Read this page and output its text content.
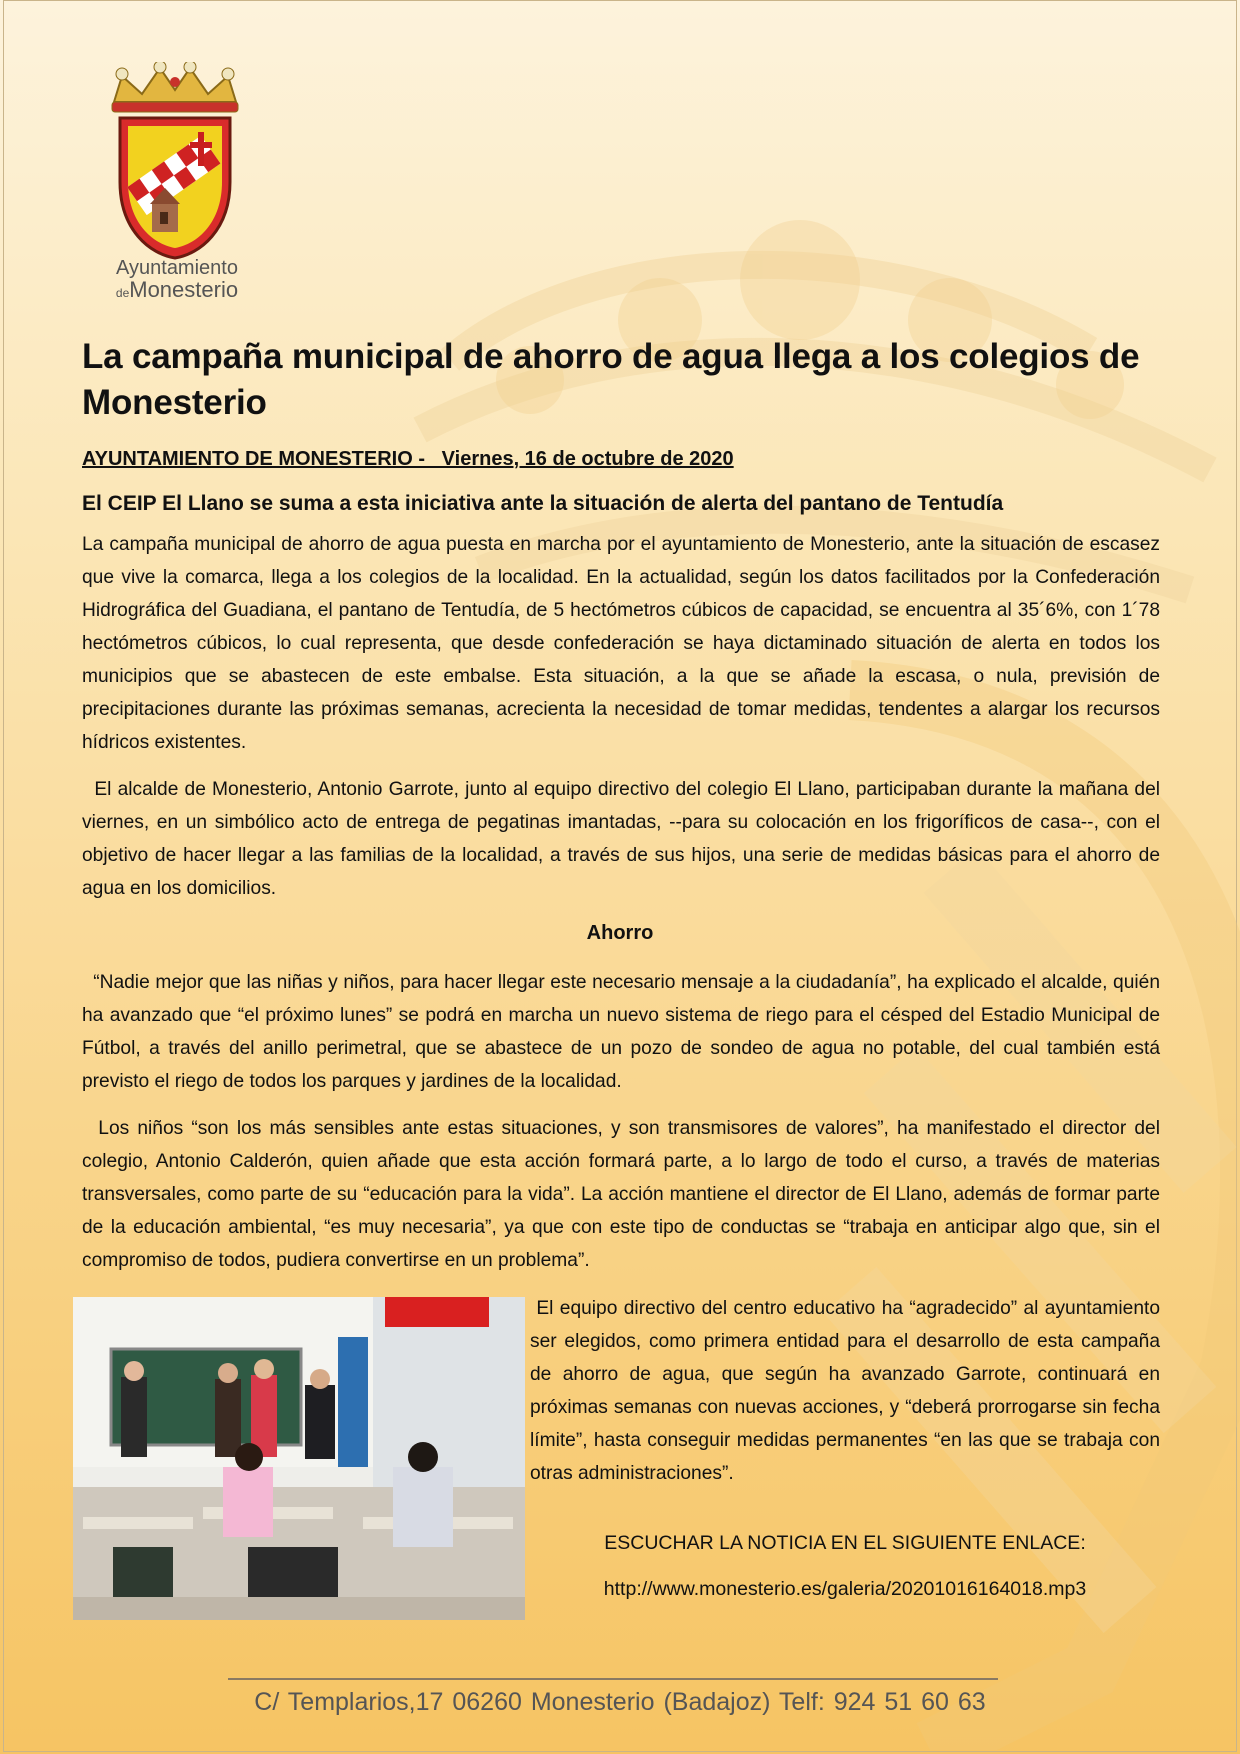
Ayuntamiento
deMonesterio
La campaña municipal de ahorro de agua llega a los colegios de Monesterio

AYUNTAMIENTO DE MONESTERIO -   Viernes, 16 de octubre de 2020

El CEIP El Llano se suma a esta iniciativa ante la situación de alerta del pantano de Tentudía

La campaña municipal de ahorro de agua puesta en marcha por el ayuntamiento de Monesterio, ante la situación de escasez que vive la comarca, llega a los colegios de la localidad. En la actualidad, según los datos facilitados por la Confederación Hidrográfica del Guadiana, el pantano de Tentudía, de 5 hectómetros cúbicos de capacidad, se encuentra al 35´6%, con 1´78 hectómetros cúbicos, lo cual representa, que desde confederación se haya dictaminado situación de alerta en todos los municipios que se abastecen de este embalse. Esta situación, a la que se añade la escasa, o nula, previsión de precipitaciones durante las próximas semanas, acrecienta la necesidad de tomar medidas, tendentes a alargar los recursos hídricos existentes.

El alcalde de Monesterio, Antonio Garrote, junto al equipo directivo del colegio El Llano, participaban durante la mañana del viernes, en un simbólico acto de entrega de pegatinas imantadas, --para su colocación en los frigoríficos de casa--, con el objetivo de hacer llegar a las familias de la localidad, a través de sus hijos, una serie de medidas básicas para el ahorro de agua en los domicilios.

Ahorro

“Nadie mejor que las niñas y niños, para hacer llegar este necesario mensaje a la ciudadanía”, ha explicado el alcalde, quién ha avanzado que “el próximo lunes” se podrá en marcha un nuevo sistema de riego para el césped del Estadio Municipal de Fútbol, a través del anillo perimetral, que se abastece de un pozo de sondeo de agua no potable, del cual también está previsto el riego de todos los parques y jardines de la localidad.

Los niños “son los más sensibles ante estas situaciones, y son transmisores de valores”, ha manifestado el director del colegio, Antonio Calderón, quien añade que esta acción formará parte, a lo largo de todo el curso, a través de materias transversales, como parte de su “educación para la vida”. La acción mantiene el director de El Llano, además de formar parte de la educación ambiental, “es muy necesaria”, ya que con este tipo de conductas se “trabaja en anticipar algo que, sin el compromiso de todos, pudiera convertirse en un problema”.

El equipo directivo del centro educativo ha “agradecido” al ayuntamiento ser elegidos, como primera entidad para el desarrollo de esta campaña de ahorro de agua, que según ha avanzado Garrote, continuará en próximas semanas con nuevas acciones, y “deberá prorrogarse sin fecha límite”, hasta conseguir medidas permanentes “en las que se trabaja con otras administraciones”.

ESCUCHAR LA NOTICIA EN EL SIGUIENTE ENLACE:

http://www.monesterio.es/galeria/20201016164018.mp3

C/ Templarios,17 06260 Monesterio (Badajoz) Telf: 924 51 60 63
